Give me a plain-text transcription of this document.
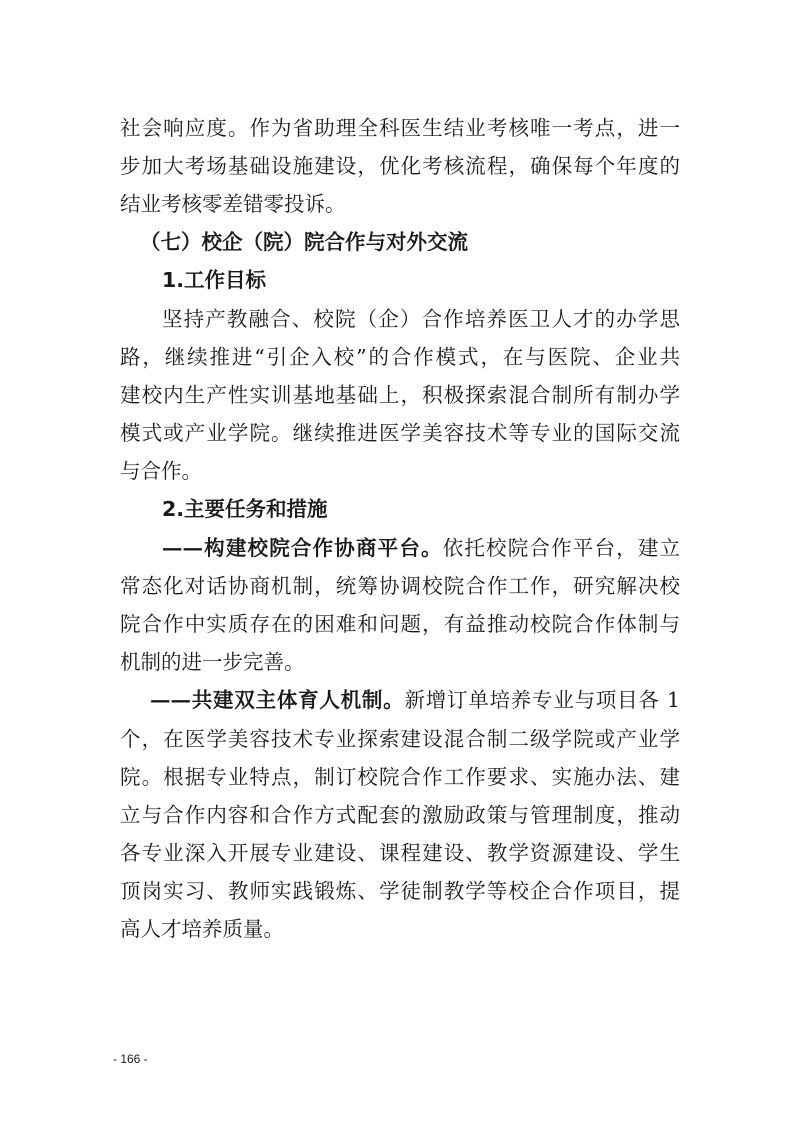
社会响应度。作为省助理全科医生结业考核唯一考点，进一
步加大考场基础设施建设，优化考核流程，确保每个年度的
结业考核零差错零投诉。
（七）校企（院）院合作与对外交流
1.工作目标
坚持产教融合、校院（企）合作培养医卫人才的办学思
路，继续推进“引企入校”的合作模式，在与医院、企业共
建校内生产性实训基地基础上，积极探索混合制所有制办学
模式或产业学院。继续推进医学美容技术等专业的国际交流
与合作。
2.主要任务和措施
——构建校院合作协商平台。依托校院合作平台，建立
常态化对话协商机制，统筹协调校院合作工作，研究解决校
院合作中实质存在的困难和问题，有益推动校院合作体制与
机制的进一步完善。
——共建双主体育人机制。新增订单培养专业与项目各 1
个，在医学美容技术专业探索建设混合制二级学院或产业学
院。根据专业特点，制订校院合作工作要求、实施办法、建
立与合作内容和合作方式配套的激励政策与管理制度，推动
各专业深入开展专业建设、课程建设、教学资源建设、学生
顶岗实习、教师实践锻炼、学徒制教学等校企合作项目，提
高人才培养质量。
- 166 -
